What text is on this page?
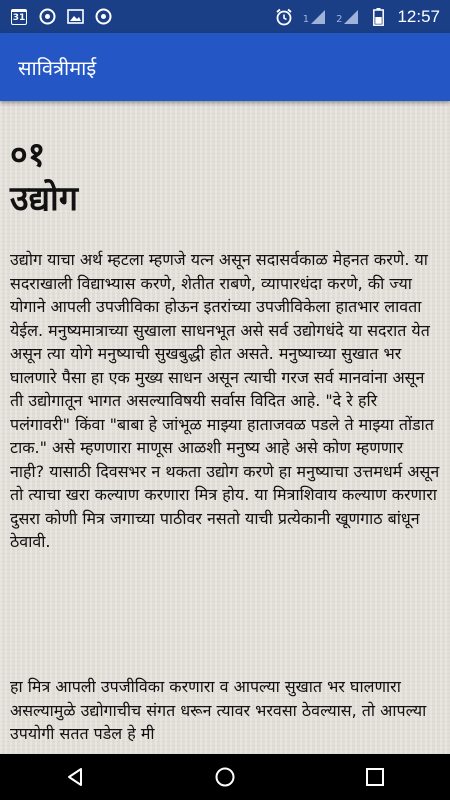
31	1	2	12:57
सावित्रीमाई
०१
उद्योग

उद्योग याचा अर्थ म्हटला म्हणजे यत्न असून सदासर्वकाळ मेहनत करणे. या सदराखाली विद्याभ्यास करणे, शेतीत राबणे, व्यापारधंदा करणे, की ज्या योगाने आपली उपजीविका होऊन इतरांच्या उपजीविकेला हातभार लावता येईल. मनुष्यमात्राच्या सुखाला साधनभूत असे सर्व उद्योगधंदे या सदरात येत असून त्या योगे मनुष्याची सुखबुद्धी होत असते. मनुष्याच्या सुखात भर घालणारे पैसा हा एक मुख्य साधन असून त्याची गरज सर्व मानवांना असून ती उद्योगातून भागत असल्याविषयी सर्वास विदित आहे. "दे रे हरि पलंगावरी" किंवा "बाबा हे जांभूळ माझ्या हाताजवळ पडले ते माझ्या तोंडात टाक." असे म्हणणारा माणूस आळशी मनुष्य आहे असे कोण म्हणणार नाही? यासाठी दिवसभर न थकता उद्योग करणे हा मनुष्याचा उत्तमधर्म असून तो त्याचा खरा कल्याण करणारा मित्र होय. या मित्राशिवाय कल्याण करणारा दुसरा कोणी मित्र जगाच्या पाठीवर नसतो याची प्रत्येकानी खूणगाठ बांधून ठेवावी.

हा मित्र आपली उपजीविका करणारा व आपल्या सुखात भर घालणारा असल्यामुळे उद्योगाचीच संगत धरून त्यावर भरवसा ठेवल्यास, तो आपल्या उपयोगी सतत पडेल हे मी
